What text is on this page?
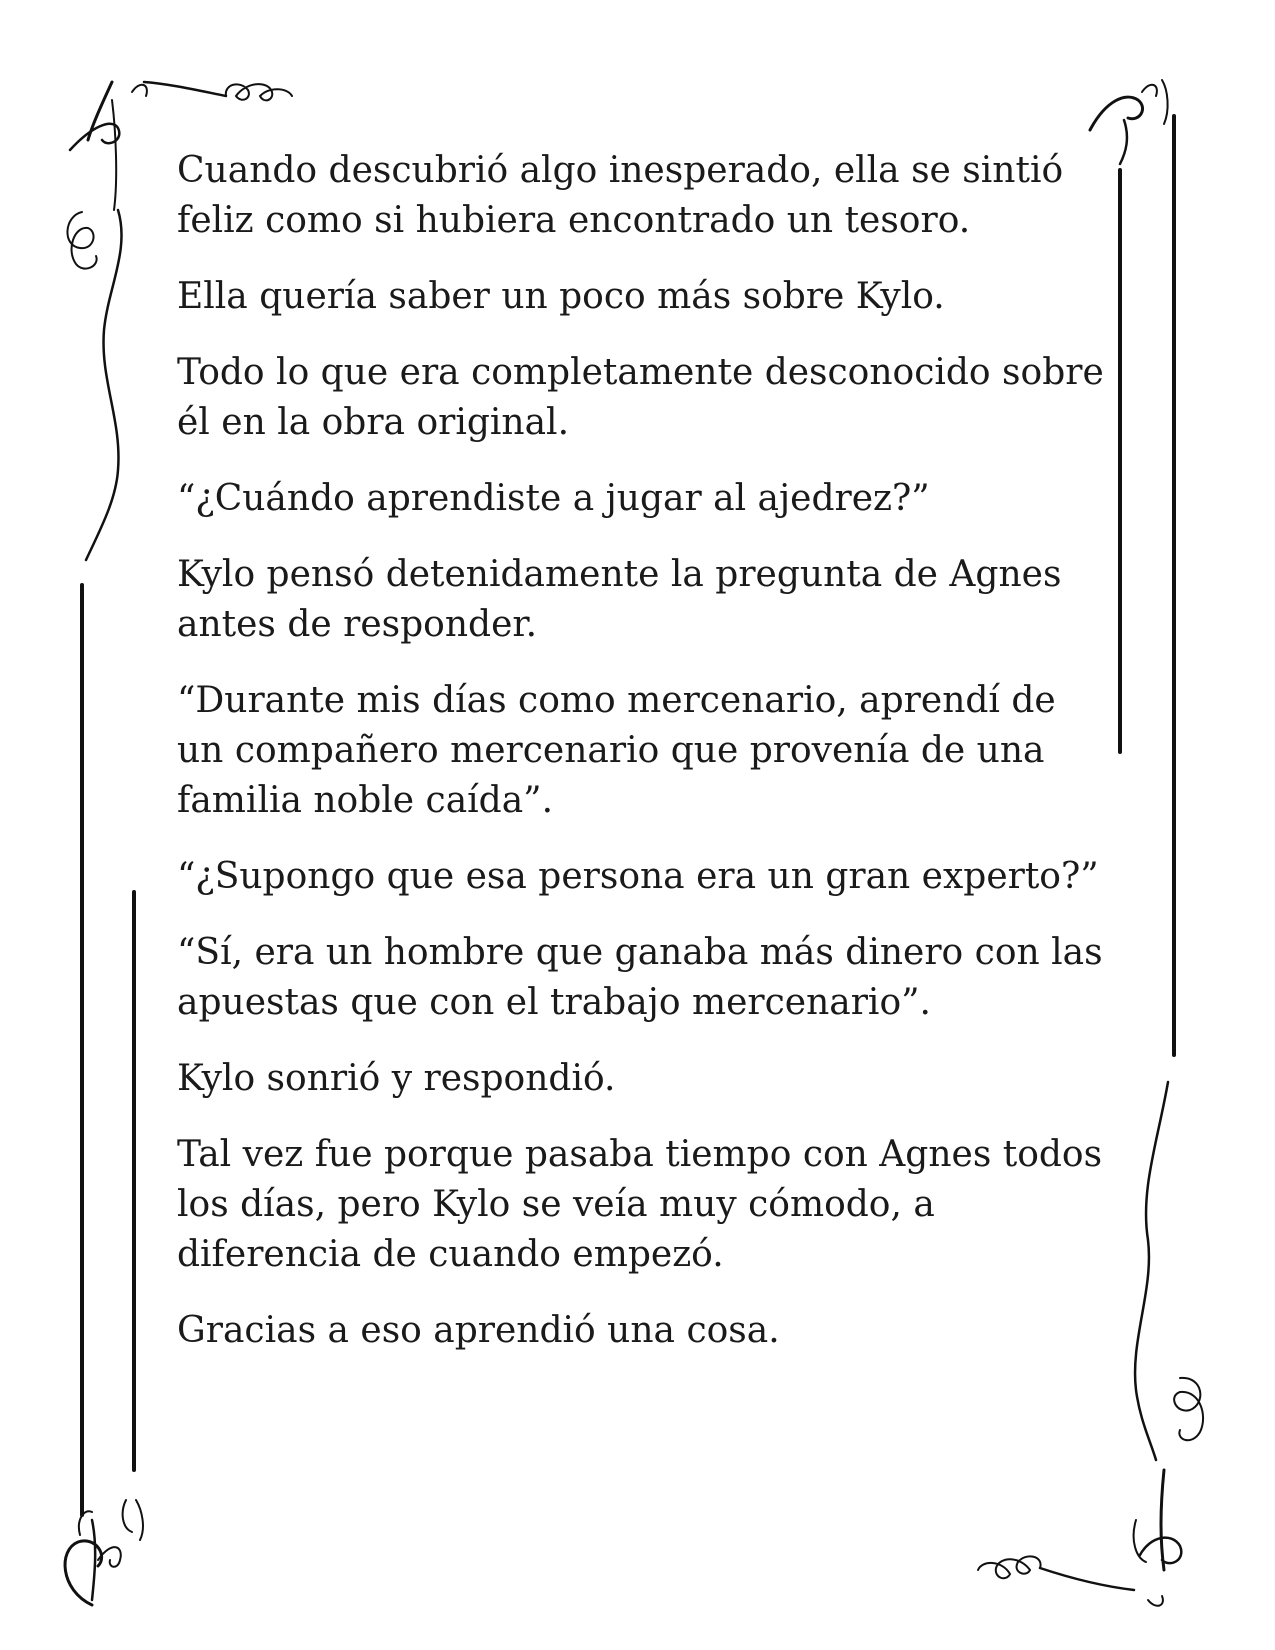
Cuando descubrió algo inesperado, ella se sintió feliz como si hubiera encontrado un tesoro.

Ella quería saber un poco más sobre Kylo.

Todo lo que era completamente desconocido sobre él en la obra original.

“¿Cuándo aprendiste a jugar al ajedrez?”

Kylo pensó detenidamente la pregunta de Agnes antes de responder.

“Durante mis días como mercenario, aprendí de un compañero mercenario que provenía de una familia noble caída”.

“¿Supongo que esa persona era un gran experto?”

“Sí, era un hombre que ganaba más dinero con las apuestas que con el trabajo mercenario”.

Kylo sonrió y respondió.

Tal vez fue porque pasaba tiempo con Agnes todos los días, pero Kylo se veía muy cómodo, a diferencia de cuando empezó.

Gracias a eso aprendió una cosa.
